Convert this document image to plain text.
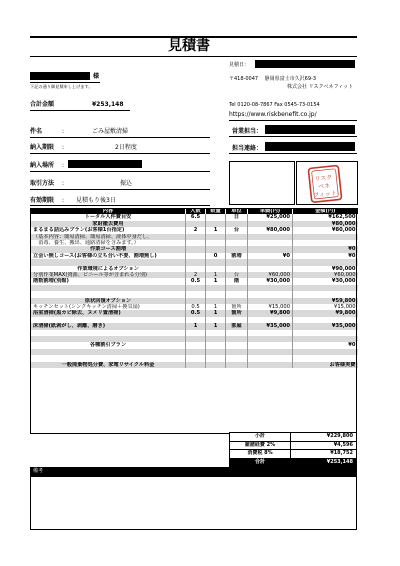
見積書
見積日：
様
下記の通り御見積申し上げます。
〒418-0047　 静岡県富士市久沢69-3
株式会社 リスクベネフィット
Tel 0120-08-7867 Fax 0545-73-0154
https://www.riskbenefit.co.jp/
合計金額	¥253,148
営業担当：
担当連絡：
件名	:	ごみ屋敷清掃
納入期限 :	2日程度
納入場所 :
取引方法 :	振込
有効期限 : 見積もり後3日
リスク
ベネ
フィット
内容	人数	数量	単位	単価(円)	金額(円)
トータル人件費目安	6.5		日	¥25,000	¥162,500
家財撤去費用					¥80,000
まるまる詰込みプラン(お客様1台指定)	2	1	台	¥80,000	¥80,000
（基本内容：簡易清掃、簡易清掃、液体中身だし、					
　消毒、養生、搬出、通路清掃を含みます。）					
作業コース割増					¥0
立会い無しコース(お客様の立ち合い不要、割増無し)		0	割増	¥0	¥0

作業環境によるオプション					¥90,000
分別作業MAX(資源、ビニール等が含まれる分別)	2	1	台	¥60,000	¥60,000
階数割増(別館)	0.5	1	階	¥30,000	¥30,000

原状回復オプション					¥59,800
キッチンセット(シンクキッチン清掃＋換気扇)	0.5	1	箇所	¥15,000	¥15,000
浴室清掃(黒カビ除去、ヌメリ置清掃)	0.5	1	箇所	¥9,800	¥9,800

床清掃(紙剥がし、剥離、磨き)	1	1	部屋	¥35,000	¥35,000

各種割引プラン					¥0

一般廃棄物処分費、家電リサイクル料金					お客様実費
小計	¥229,800
雑諸経費 2%	¥4,596
消費税 8%	¥18,752
合計	¥253,148
備考
